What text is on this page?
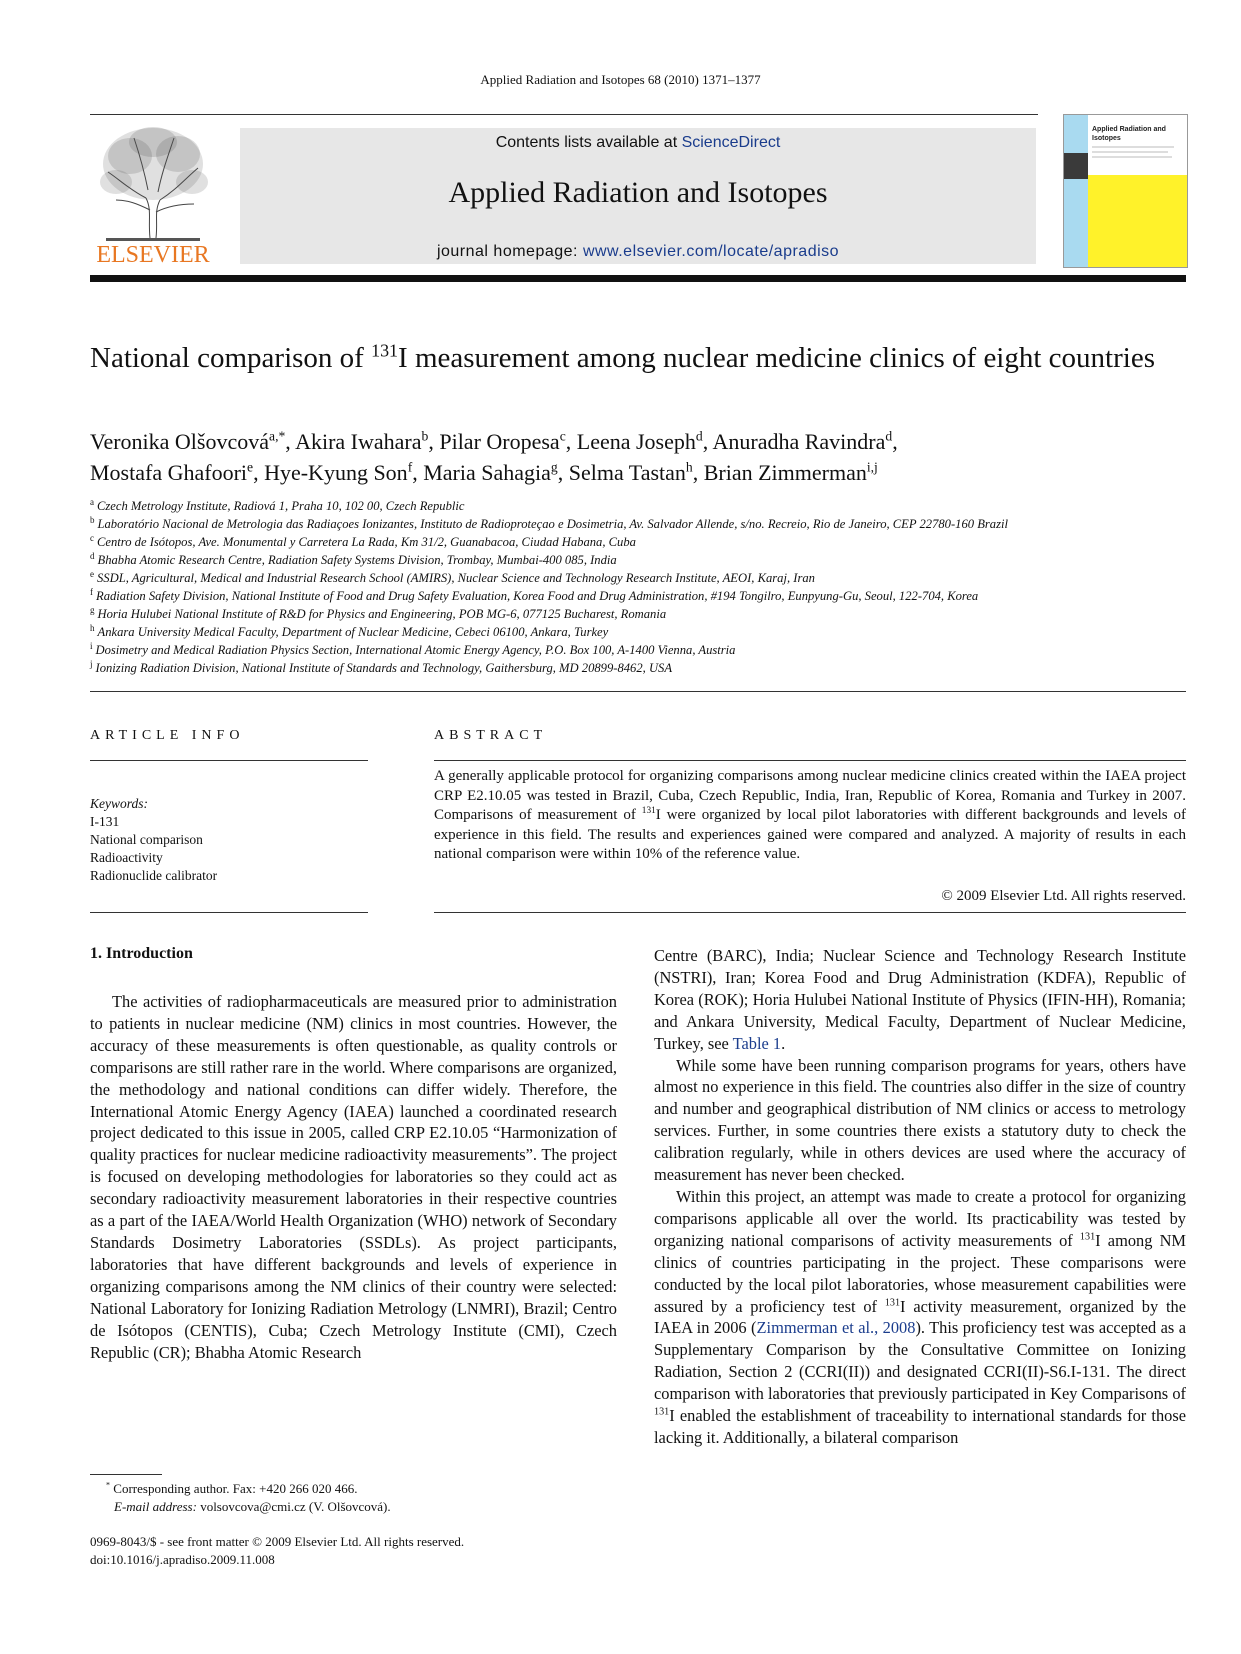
Applied Radiation and Isotopes 68 (2010) 1371–1377
ELSEVIER
Contents lists available at ScienceDirect
Applied Radiation and Isotopes
journal homepage: www.elsevier.com/locate/apradiso
Applied Radiation and
Isotopes
National comparison of $^{131}$I measurement among nuclear medicine clinics of eight countries
Veronika Olšovcová$^{a,*}$, Akira Iwahara$^b$, Pilar Oropesa$^c$, Leena Joseph$^d$, Anuradha Ravindra$^d$,
Mostafa Ghafoori$^e$, Hye-Kyung Son$^f$, Maria Sahagia$^g$, Selma Tastan$^h$, Brian Zimmerman$^{i,j}$
$^a$ Czech Metrology Institute, Radiová 1, Praha 10, 102 00, Czech Republic
$^b$ Laboratório Nacional de Metrologia das Radiaçoes Ionizantes, Instituto de Radioproteçao e Dosimetria, Av. Salvador Allende, s/no. Recreio, Rio de Janeiro, CEP 22780-160 Brazil
$^c$ Centro de Isótopos, Ave. Monumental y Carretera La Rada, Km 31/2, Guanabacoa, Ciudad Habana, Cuba
$^d$ Bhabha Atomic Research Centre, Radiation Safety Systems Division, Trombay, Mumbai-400 085, India
$^e$ SSDL, Agricultural, Medical and Industrial Research School (AMIRS), Nuclear Science and Technology Research Institute, AEOI, Karaj, Iran
$^f$ Radiation Safety Division, National Institute of Food and Drug Safety Evaluation, Korea Food and Drug Administration, #194 Tongilro, Eunpyung-Gu, Seoul, 122-704, Korea
$^g$ Horia Hulubei National Institute of R&D for Physics and Engineering, POB MG-6, 077125 Bucharest, Romania
$^h$ Ankara University Medical Faculty, Department of Nuclear Medicine, Cebeci 06100, Ankara, Turkey
$^i$ Dosimetry and Medical Radiation Physics Section, International Atomic Energy Agency, P.O. Box 100, A-1400 Vienna, Austria
$^j$ Ionizing Radiation Division, National Institute of Standards and Technology, Gaithersburg, MD 20899-8462, USA
ARTICLE INFO
Keywords:
I-131
National comparison
Radioactivity
Radionuclide calibrator
ABSTRACT
A generally applicable protocol for organizing comparisons among nuclear medicine clinics created within the IAEA project CRP E2.10.05 was tested in Brazil, Cuba, Czech Republic, India, Iran, Republic of Korea, Romania and Turkey in 2007. Comparisons of measurement of $^{131}$I were organized by local pilot laboratories with different backgrounds and levels of experience in this field. The results and experiences gained were compared and analyzed. A majority of results in each national comparison were within 10% of the reference value.
© 2009 Elsevier Ltd. All rights reserved.
1. Introduction

The activities of radiopharmaceuticals are measured prior to administration to patients in nuclear medicine (NM) clinics in most countries. However, the accuracy of these measurements is often questionable, as quality controls or comparisons are still rather rare in the world. Where comparisons are organized, the methodology and national conditions can differ widely. Therefore, the International Atomic Energy Agency (IAEA) launched a coordinated research project dedicated to this issue in 2005, called CRP E2.10.05 “Harmonization of quality practices for nuclear medicine radioactivity measurements”. The project is focused on developing methodologies for laboratories so they could act as secondary radioactivity measurement laboratories in their respective countries as a part of the IAEA/World Health Organization (WHO) network of Secondary Standards Dosimetry Laboratories (SSDLs). As project participants, laboratories that have different backgrounds and levels of experience in organizing comparisons among the NM clinics of their country were selected: National Laboratory for Ionizing Radiation Metrology (LNMRI), Brazil; Centro de Isótopos (CENTIS), Cuba; Czech Metrology Institute (CMI), Czech Republic (CR); Bhabha Atomic Research

Centre (BARC), India; Nuclear Science and Technology Research Institute (NSTRI), Iran; Korea Food and Drug Administration (KDFA), Republic of Korea (ROK); Horia Hulubei National Institute of Physics (IFIN-HH), Romania; and Ankara University, Medical Faculty, Department of Nuclear Medicine, Turkey, see Table 1.

While some have been running comparison programs for years, others have almost no experience in this field. The countries also differ in the size of country and number and geographical distribution of NM clinics or access to metrology services. Further, in some countries there exists a statutory duty to check the calibration regularly, while in others devices are used where the accuracy of measurement has never been checked.

Within this project, an attempt was made to create a protocol for organizing comparisons applicable all over the world. Its practicability was tested by organizing national comparisons of activity measurements of $^{131}$I among NM clinics of countries participating in the project. These comparisons were conducted by the local pilot laboratories, whose measurement capabilities were assured by a proficiency test of $^{131}$I activity measurement, organized by the IAEA in 2006 (Zimmerman et al., 2008). This proficiency test was accepted as a Supplementary Comparison by the Consultative Committee on Ionizing Radiation, Section 2 (CCRI(II)) and designated CCRI(II)-S6.I-131. The direct comparison with laboratories that previously participated in Key Comparisons of $^{131}$I enabled the establishment of traceability to international standards for those lacking it. Additionally, a bilateral comparison

* Corresponding author. Fax: +420 266 020 466.
E-mail address: volsovcova@cmi.cz (V. Olšovcová).
0969-8043/$ - see front matter © 2009 Elsevier Ltd. All rights reserved.
doi:10.1016/j.apradiso.2009.11.008
